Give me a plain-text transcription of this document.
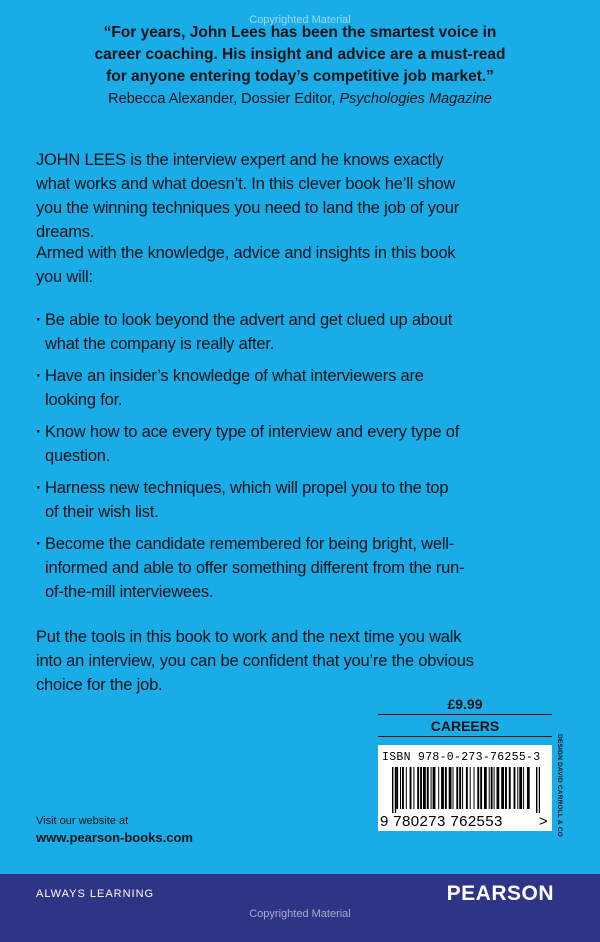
Copyrighted Material
“For years, John Lees has been the smartest voice in
career coaching. His insight and advice are a must-read
for anyone entering today’s competitive job market.”
Rebecca Alexander, Dossier Editor, Psychologies Magazine

JOHN LEES is the interview expert and he knows exactly what works and what doesn’t. In this clever book he’ll show you the winning techniques you need to land the job of your dreams.

Armed with the knowledge, advice and insights in this book you will:

· Be able to look beyond the advert and get clued up about what the company is really after.
· Have an insider’s knowledge of what interviewers are looking for.
· Know how to ace every type of interview and every type of question.
· Harness new techniques, which will propel you to the top of their wish list.
· Become the candidate remembered for being bright, well-informed and able to offer something different from the run-of-the-mill interviewees.

Put the tools in this book to work and the next time you walk into an interview, you can be confident that you’re the obvious choice for the job.

£9.99
CAREERS
ISBN 978-0-273-76255-3
9 780273 762553 > DESIGN DAVID CARROLL & CO
Visit our website at
www.pearson-books.com
ALWAYS LEARNING	PEARSON
Copyrighted Material
